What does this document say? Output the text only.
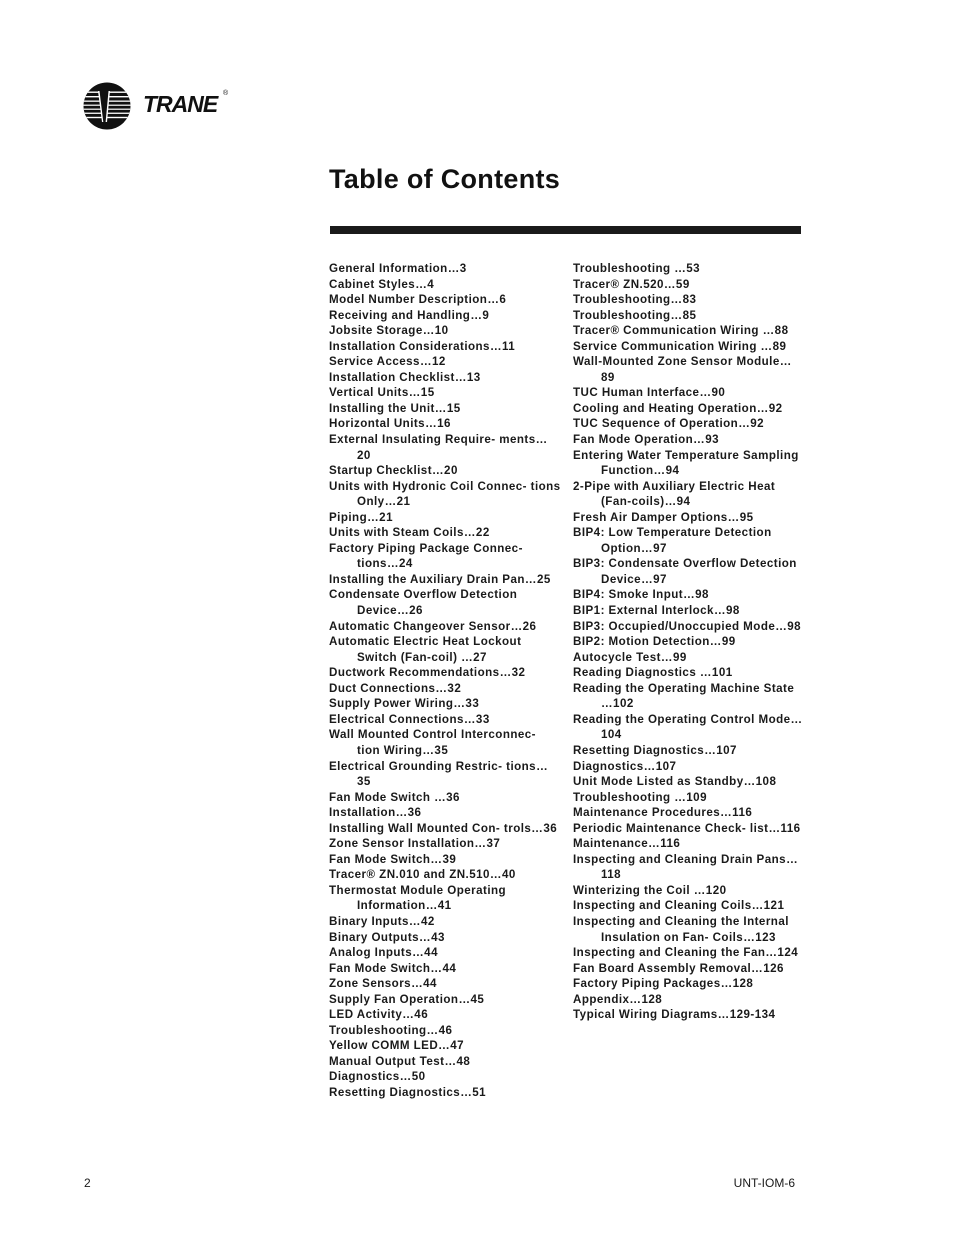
TRANE ®
Table of Contents
General Information…3
Cabinet Styles…4
Model Number Description…6
Receiving and Handling…9
Jobsite Storage…10
Installation Considerations…11
Service Access…12
Installation Checklist…13
Vertical Units…15
Installing the Unit…15
Horizontal Units…16
External Insulating Require- ments…20
Startup Checklist…20
Units with Hydronic Coil Connec- tions Only…21
Piping…21
Units with Steam Coils…22
Factory Piping Package Connec- tions…24
Installing the Auxiliary Drain Pan…25
Condensate Overflow Detection Device…26
Automatic Changeover Sensor…26
Automatic Electric Heat Lockout Switch (Fan-coil) …27
Ductwork Recommendations…32
Duct Connections…32
Supply Power Wiring…33
Electrical Connections…33
Wall Mounted Control Interconnec- tion Wiring…35
Electrical Grounding Restric- tions…35
Fan Mode Switch …36
Installation…36
Installing Wall Mounted Con- trols…36
Zone Sensor Installation…37
Fan Mode Switch…39
Tracer® ZN.010 and ZN.510…40
Thermostat Module Operating Information…41
Binary Inputs…42
Binary Outputs…43
Analog Inputs…44
Fan Mode Switch…44
Zone Sensors…44
Supply Fan Operation…45
LED Activity…46
Troubleshooting…46
Yellow COMM LED…47
Manual Output Test…48
Diagnostics…50
Resetting Diagnostics…51
Troubleshooting …53
Tracer® ZN.520…59
Troubleshooting…83
Troubleshooting…85
Tracer® Communication Wiring …88
Service Communication Wiring …89
Wall-Mounted Zone Sensor Module…89
TUC Human Interface…90
Cooling and Heating Operation…92
TUC Sequence of Operation…92
Fan Mode Operation…93
Entering Water Temperature Sampling Function…94
2-Pipe with Auxiliary Electric Heat (Fan-coils)…94
Fresh Air Damper Options…95
BIP4: Low Temperature Detection Option…97
BIP3: Condensate Overflow Detection Device…97
BIP4: Smoke Input…98
BIP1: External Interlock…98
BIP3: Occupied/Unoccupied Mode…98
BIP2: Motion Detection…99
Autocycle Test…99
Reading Diagnostics …101
Reading the Operating Machine State …102
Reading the Operating Control Mode…104
Resetting Diagnostics…107
Diagnostics…107
Unit Mode Listed as Standby…108
Troubleshooting …109
Maintenance Procedures…116
Periodic Maintenance Check- list…116
Maintenance…116
Inspecting and Cleaning Drain Pans…118
Winterizing the Coil …120
Inspecting and Cleaning Coils…121
Inspecting and Cleaning the Internal Insulation on Fan- Coils…123
Inspecting and Cleaning the Fan…124
Fan Board Assembly Removal…126
Factory Piping Packages…128
Appendix…128
Typical Wiring Diagrams…129-134
2	UNT-IOM-6
